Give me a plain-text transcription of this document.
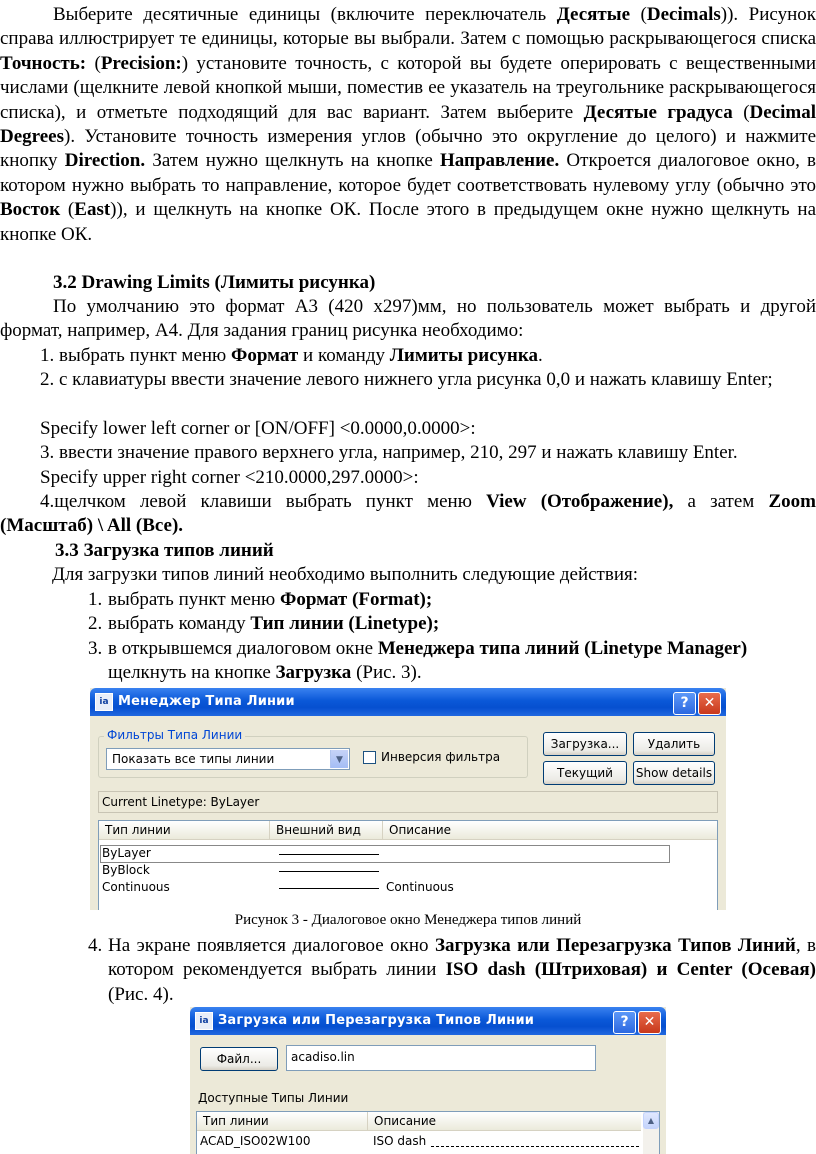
Выберите десятичные единицы (включите переключатель Десятые (Decimals)). Рисунок справа иллюстрирует те единицы, которые вы выбрали. Затем с помощью раскрывающегося списка Точность: (Precision:) установите точность, с которой вы будете оперировать с вещественными числами (щелкните левой кнопкой мыши, поместив ее указатель на треугольнике раскрывающегося списка), и отметьте подходящий для вас вариант. Затем выберите Десятые градуса (Decimal Degrees). Установите точность измерения углов (обычно это округление до целого) и нажмите кнопку Direction. Затем нужно щелкнуть на кнопке Направление. Откроется диалоговое окно, в котором нужно выбрать то направление, которое будет соответствовать нулевому углу (обычно это Восток (East)), и щелкнуть на кнопке ОК. После этого в предыдущем окне нужно щелкнуть на кнопке ОК.
3.2 Drawing Limits (Лимиты рисунка)
По умолчанию это формат А3 (420 х297)мм, но пользователь может выбрать и другой формат, например, А4. Для задания границ рисунка необходимо:
1. выбрать пункт меню Формат и команду Лимиты рисунка.
2. с клавиатуры ввести значение левого нижнего угла рисунка 0,0 и нажать клавишу Enter;
Specify lower left corner or [ON/OFF] <0.0000,0.0000>:
3. ввести значение правого верхнего угла, например, 210, 297 и нажать клавишу Enter.
Specify upper right corner <210.0000,297.0000>:
4.щелчком левой клавиши выбрать пункт меню View (Отображение), а затем Zoom (Масштаб) \ All (Все).
3.3 Загрузка типов линий
Для загрузки типов линий необходимо выполнить следующие действия:
1. выбрать пункт меню Формат (Format);
2. выбрать команду Тип линии (Linetype);
3. в открывшемся диалоговом окне Менеджера типа линий (Linetype Manager) щелкнуть на кнопке Загрузка (Рис. 3).
ia Менеджер Типа Линии	?	✕
Фильтры Типа Линии
Показать все типы линии	▼	Инверсия фильтра
Загрузка...	Удалить
Текущий	Show details
Current Linetype: ByLayer
Тип линии	Внешний вид	Описание
ByLayer
ByBlock
Continuous	Continuous
Рисунок 3 - Диалоговое окно Менеджера типов линий
4. На экране появляется диалоговое окно Загрузка или Перезагрузка Типов Линий, в котором рекомендуется выбрать линии ISO dash (Штриховая) и Center (Осевая) (Рис. 4).
ia Загрузка или Перезагрузка Типов Линии	?	✕
Файл...	acadiso.lin
Доступные Типы Линии
Тип линии	Описание
ACAD_ISO02W100	ISO dash
▲
